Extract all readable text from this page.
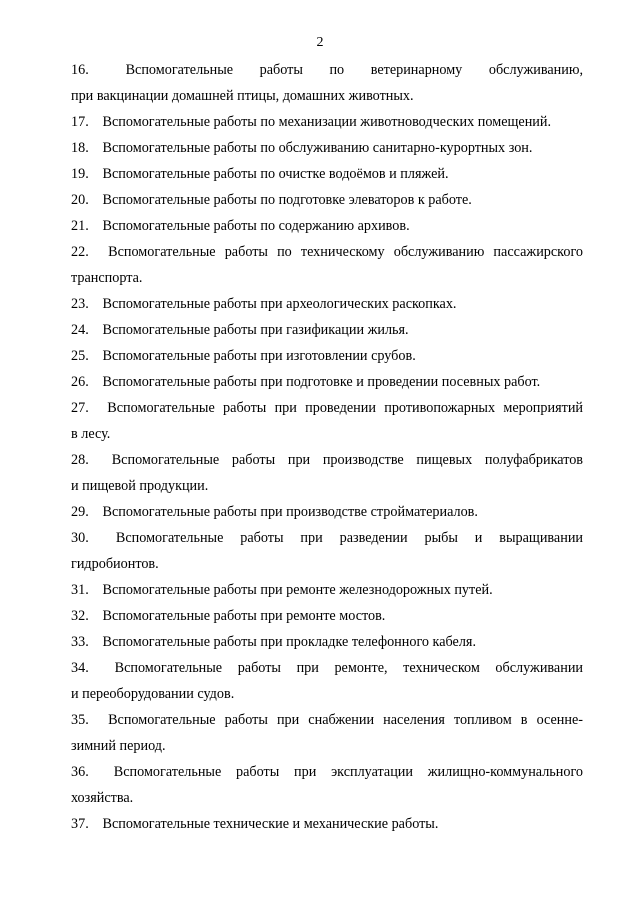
2
16.	Вспомогательные работы по ветеринарному обслуживанию,
при вакцинации домашней птицы, домашних животных.
17. Вспомогательные работы по механизации животноводческих помещений.
18. Вспомогательные работы по обслуживанию санитарно-курортных зон.
19. Вспомогательные работы по очистке водоёмов и пляжей.
20. Вспомогательные работы по подготовке элеваторов к работе.
21. Вспомогательные работы по содержанию архивов.
22. Вспомогательные работы по техническому обслуживанию пассажирского
транспорта.
23. Вспомогательные работы при археологических раскопках.
24. Вспомогательные работы при газификации жилья.
25. Вспомогательные работы при изготовлении срубов.
26. Вспомогательные работы при подготовке и проведении посевных работ.
27. Вспомогательные работы при проведении противопожарных мероприятий
в лесу.
28. Вспомогательные работы при производстве пищевых полуфабрикатов
и пищевой продукции.
29. Вспомогательные работы при производстве стройматериалов.
30. Вспомогательные работы при разведении рыбы и выращивании
гидробионтов.
31. Вспомогательные работы при ремонте железнодорожных путей.
32. Вспомогательные работы при ремонте мостов.
33. Вспомогательные работы при прокладке телефонного кабеля.
34. Вспомогательные работы при ремонте, техническом обслуживании
и переоборудовании судов.
35. Вспомогательные работы при снабжении населения топливом в осенне-
зимний период.
36. Вспомогательные работы при эксплуатации жилищно-коммунального
хозяйства.
37. Вспомогательные технические и механические работы.
